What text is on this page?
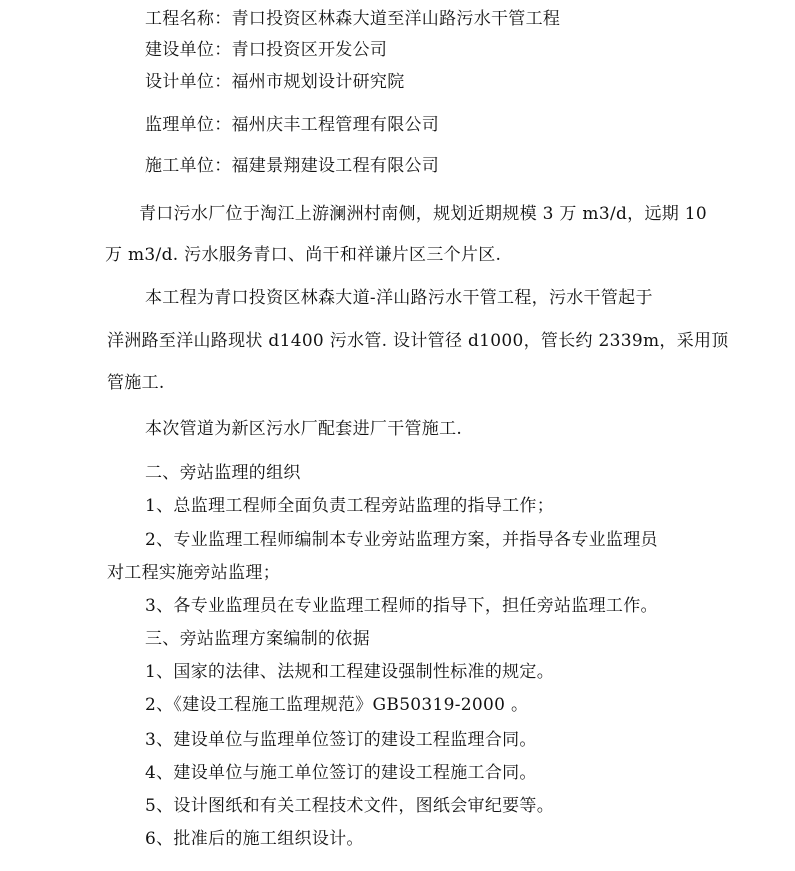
工程名称：青口投资区林森大道至洋山路污水干管工程
建设单位：青口投资区开发公司
设计单位：福州市规划设计研究院
监理单位：福州庆丰工程管理有限公司
施工单位：福建景翔建设工程有限公司
青口污水厂位于淘江上游澜洲村南侧，规划近期规模 3 万 m3/d，远期 10
万 m3/d. 污水服务青口、尚干和祥谦片区三个片区.
本工程为青口投资区林森大道-洋山路污水干管工程，污水干管起于
洋洲路至洋山路现状 d1400 污水管. 设计管径 d1000，管长约 2339m，采用顶
管施工.
本次管道为新区污水厂配套进厂干管施工.
二、旁站监理的组织
1、总监理工程师全面负责工程旁站监理的指导工作；
2、专业监理工程师编制本专业旁站监理方案，并指导各专业监理员
对工程实施旁站监理；
3、各专业监理员在专业监理工程师的指导下，担任旁站监理工作。
三、旁站监理方案编制的依据
1、国家的法律、法规和工程建设强制性标准的规定。
2、《建设工程施工监理规范》GB50319-2000 。
3、建设单位与监理单位签订的建设工程监理合同。
4、建设单位与施工单位签订的建设工程施工合同。
5、设计图纸和有关工程技术文件，图纸会审纪要等。
6、批准后的施工组织设计。
